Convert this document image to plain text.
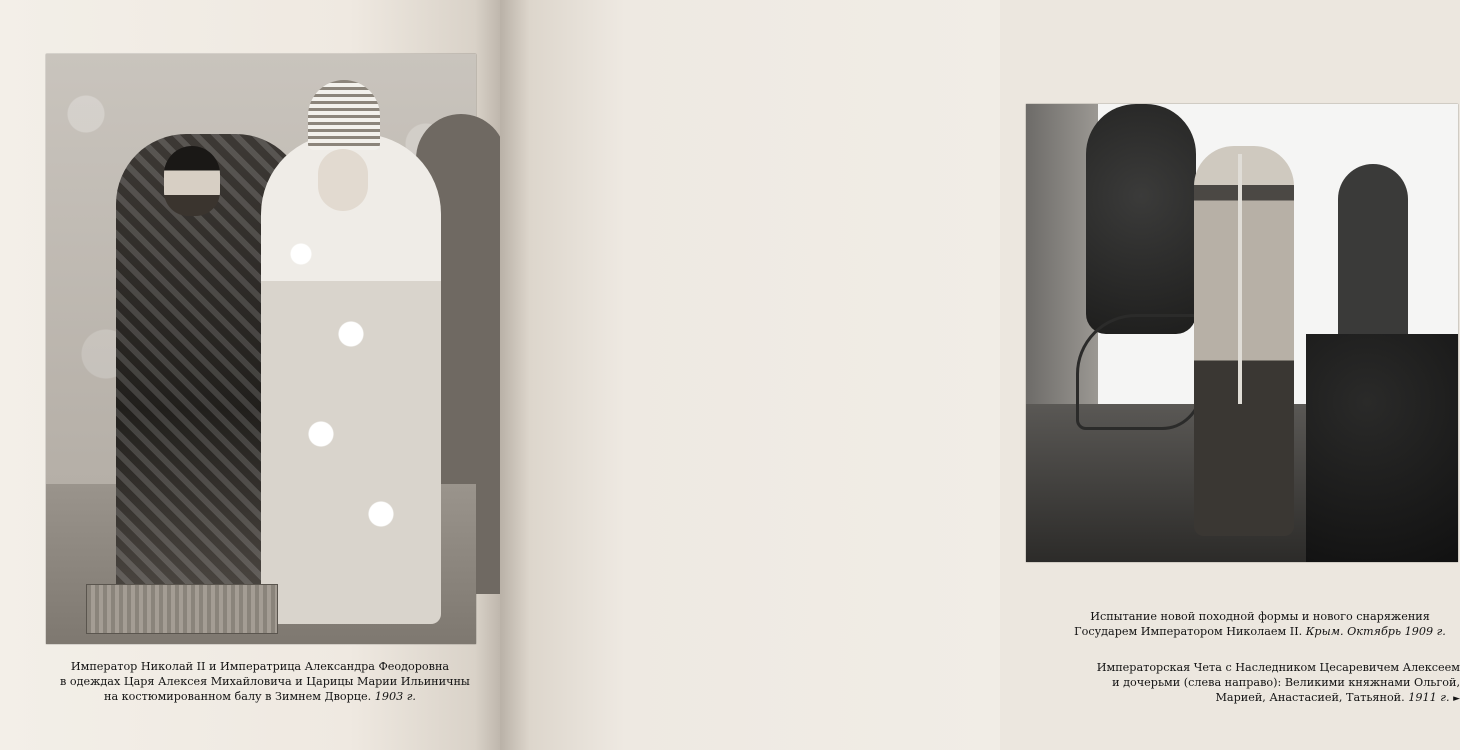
Император Николай II и Императрица Александра Феодоровна
в одеждах Царя Алексея Михайловича и Царицы Марии Ильиничны
на костюмированном балу в Зимнем Дворце. 1903 г.

Испытание новой походной формы и нового снаряжения
Государем Императором Николаем II. Крым. Октябрь 1909 г.

Императорская Чета с Наследником Цесаревичем Алексеем
и дочерьми (слева направо): Великими княжнами Ольгой,
Марией, Анастасией, Татьяной. 1911 г. ►
